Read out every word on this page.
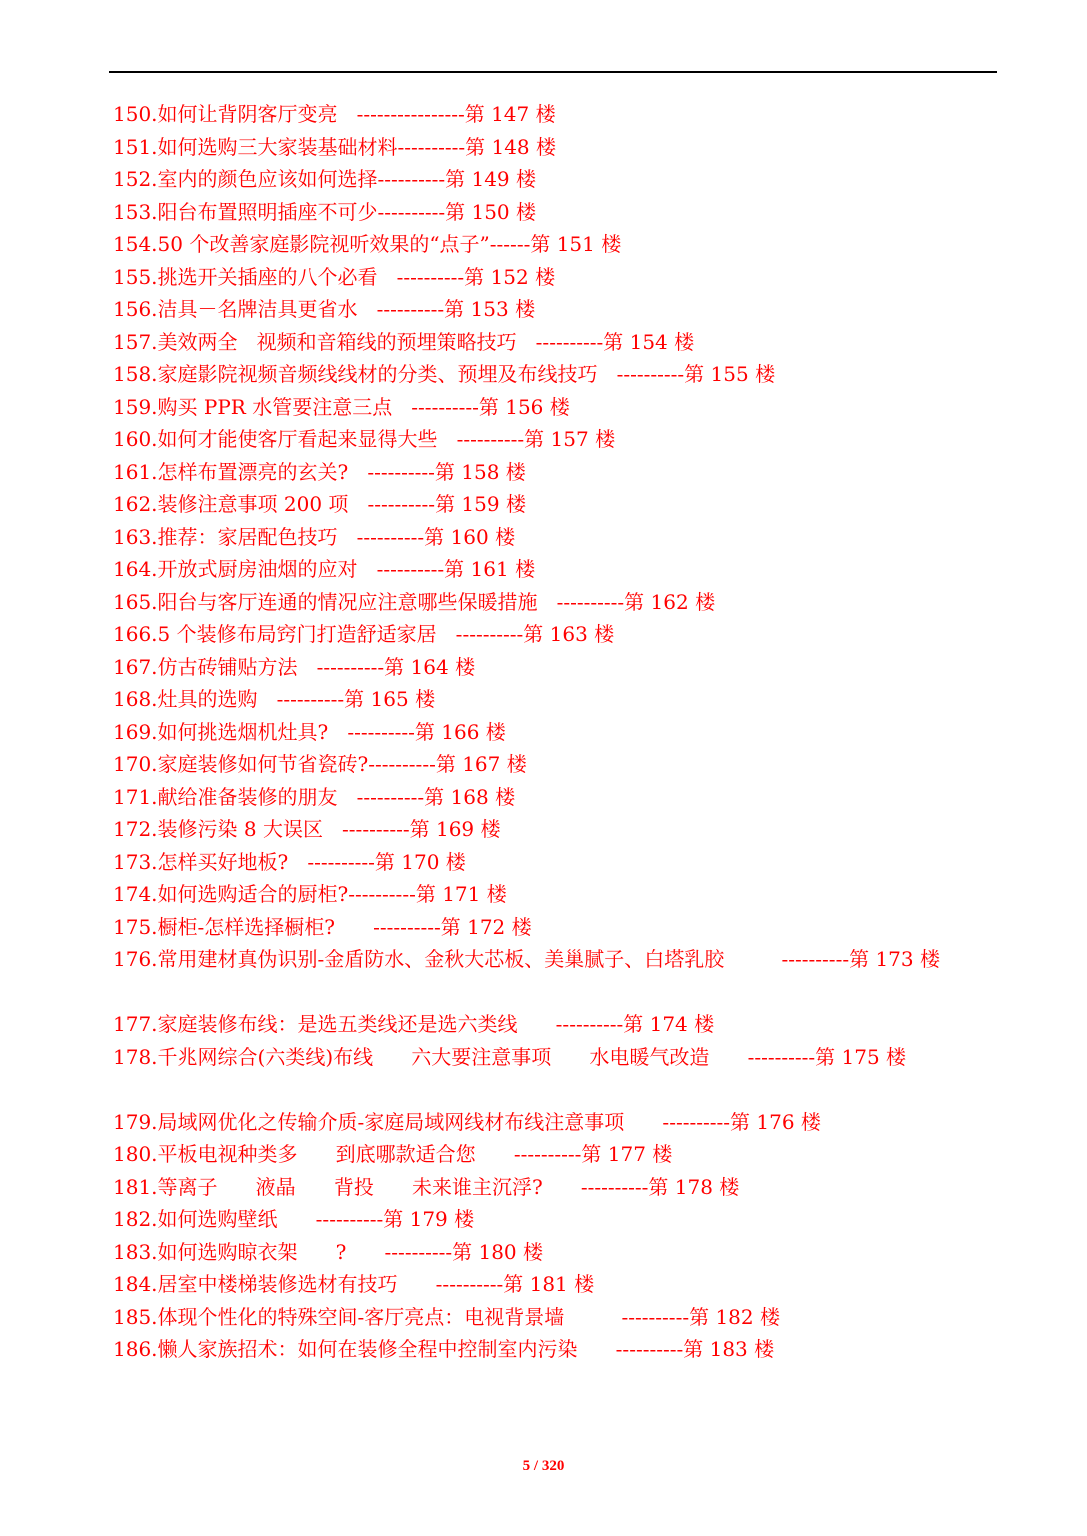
150.如何让背阴客厅变亮   ----------------第 147 楼
151.如何选购三大家装基础材料----------第 148 楼
152.室内的颜色应该如何选择----------第 149 楼
153.阳台布置照明插座不可少----------第 150 楼
154.50 个改善家庭影院视听效果的“点子”------第 151 楼
155.挑选开关插座的八个必看   ----------第 152 楼
156.洁具－名牌洁具更省水   ----------第 153 楼
157.美效两全   视频和音箱线的预埋策略技巧   ----------第 154 楼
158.家庭影院视频音频线线材的分类、预埋及布线技巧   ----------第 155 楼
159.购买 PPR 水管要注意三点   ----------第 156 楼
160.如何才能使客厅看起来显得大些   ----------第 157 楼
161.怎样布置漂亮的玄关?   ----------第 158 楼
162.装修注意事项 200 项   ----------第 159 楼
163.推荐：家居配色技巧   ----------第 160 楼
164.开放式厨房油烟的应对   ----------第 161 楼
165.阳台与客厅连通的情况应注意哪些保暖措施   ----------第 162 楼
166.5 个装修布局窍门打造舒适家居   ----------第 163 楼
167.仿古砖铺贴方法   ----------第 164 楼
168.灶具的选购   ----------第 165 楼
169.如何挑选烟机灶具?   ----------第 166 楼
170.家庭装修如何节省瓷砖?----------第 167 楼
171.献给准备装修的朋友   ----------第 168 楼
172.装修污染 8 大误区   ----------第 169 楼
173.怎样买好地板?   ----------第 170 楼
174.如何选购适合的厨柜?----------第 171 楼
175.橱柜-怎样选择橱柜?      ----------第 172 楼
176.常用建材真伪识别-金盾防水、金秋大芯板、美巢腻子、白塔乳胶         ----------第 173 楼
177.家庭装修布线：是选五类线还是选六类线      ----------第 174 楼
178.千兆网综合(六类线)布线      六大要注意事项      水电暖气改造      ----------第 175 楼
179.局域网优化之传输介质-家庭局域网线材布线注意事项      ----------第 176 楼
180.平板电视种类多      到底哪款适合您      ----------第 177 楼
181.等离子      液晶      背投      未来谁主沉浮?      ----------第 178 楼
182.如何选购壁纸      ----------第 179 楼
183.如何选购晾衣架      ?      ----------第 180 楼
184.居室中楼梯装修选材有技巧      ----------第 181 楼
185.体现个性化的特殊空间-客厅亮点：电视背景墙         ----------第 182 楼
186.懒人家族招术：如何在装修全程中控制室内污染      ----------第 183 楼
5 / 320
